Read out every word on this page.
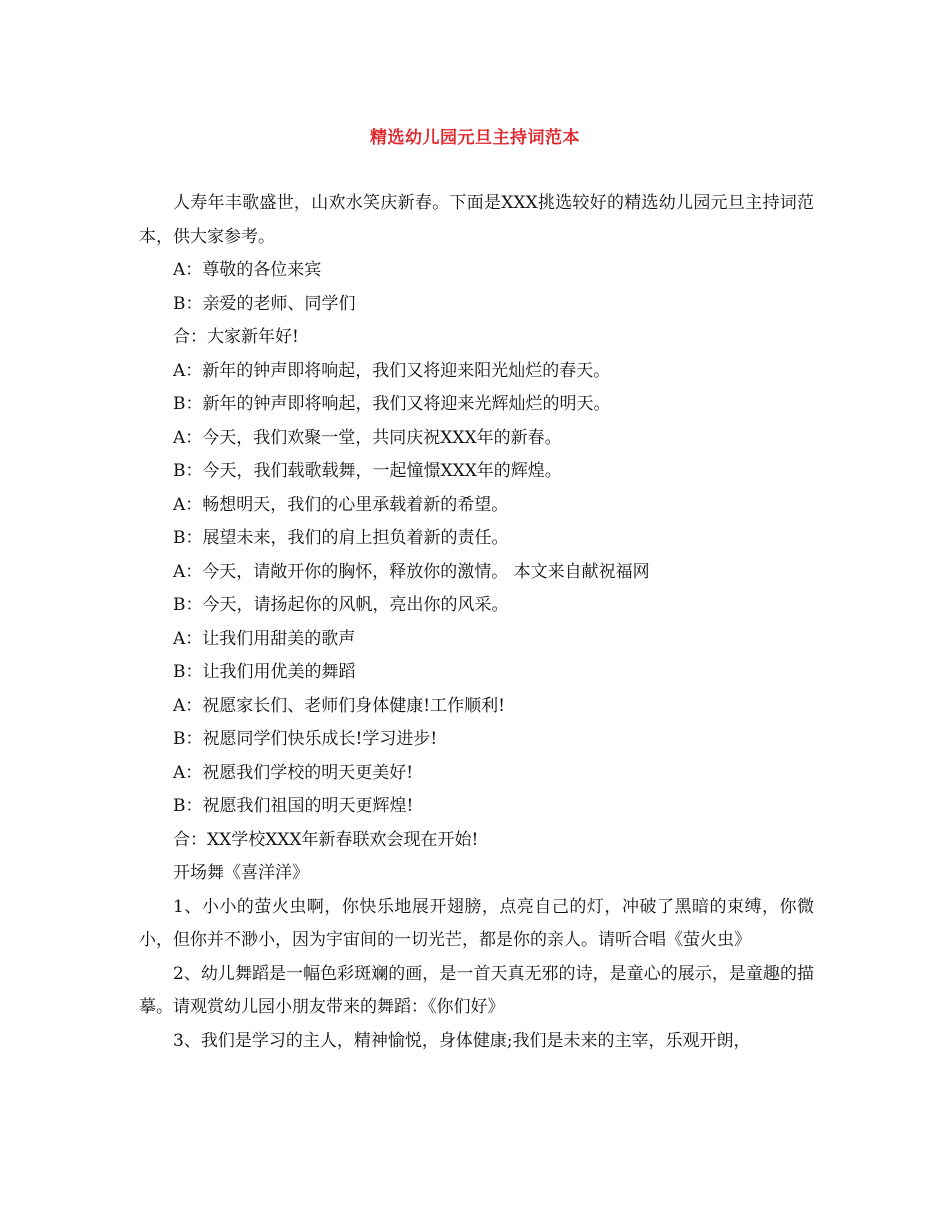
精选幼儿园元旦主持词范本

人寿年丰歌盛世，山欢水笑庆新春。下面是XXX挑选较好的精选幼儿园元旦主持词范本，供大家参考。

A：尊敬的各位来宾

B：亲爱的老师、同学们

合：大家新年好!

A：新年的钟声即将响起，我们又将迎来阳光灿烂的春天。

B：新年的钟声即将响起，我们又将迎来光辉灿烂的明天。

A：今天，我们欢聚一堂，共同庆祝XXX年的新春。

B：今天，我们载歌载舞，一起憧憬XXX年的辉煌。

A：畅想明天，我们的心里承载着新的希望。

B：展望未来，我们的肩上担负着新的责任。

A：今天，请敞开你的胸怀，释放你的激情。 本文来自献祝福网

B：今天，请扬起你的风帆，亮出你的风采。

A：让我们用甜美的歌声

B：让我们用优美的舞蹈

A：祝愿家长们、老师们身体健康!工作顺利!

B：祝愿同学们快乐成长!学习进步!

A：祝愿我们学校的明天更美好!

B：祝愿我们祖国的明天更辉煌!

合：XX学校XXX年新春联欢会现在开始!

开场舞《喜洋洋》

1、小小的萤火虫啊，你快乐地展开翅膀，点亮自己的灯，冲破了黑暗的束缚，你微小，但你并不渺小，因为宇宙间的一切光芒，都是你的亲人。请听合唱《萤火虫》

2、幼儿舞蹈是一幅色彩斑斓的画，是一首天真无邪的诗，是童心的展示，是童趣的描摹。请观赏幼儿园小朋友带来的舞蹈：《你们好》

3、我们是学习的主人，精神愉悦，身体健康;我们是未来的主宰，乐观开朗，
